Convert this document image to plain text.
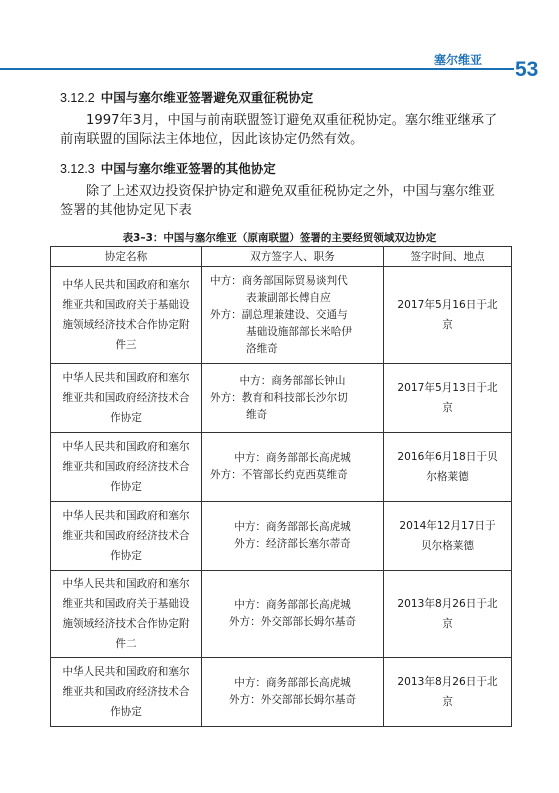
塞尔维亚 53
3.12.2 中国与塞尔维亚签署避免双重征税协定

1997年3月，中国与前南联盟签订避免双重征税协定。塞尔维亚继承了前南联盟的国际法主体地位，因此该协定仍然有效。

3.12.3 中国与塞尔维亚签署的其他协定

除了上述双边投资保护协定和避免双重征税协定之外，中国与塞尔维亚签署的其他协定见下表

表3–3：中国与塞尔维亚（原南联盟）签署的主要经贸领域双边协定
协定名称	双方签字人、职务	签字时间、地点
中华人民共和国政府和塞尔维亚共和国政府关于基础设施领域经济技术合作协定附件三	中方：商务部国际贸易谈判代
表兼副部长傅自应
外方：副总理兼建设、交通与
基础设施部部长米哈伊
洛维奇	2017年5月16日于北京
中华人民共和国政府和塞尔维亚共和国政府经济技术合作协定	中方：商务部部长钟山
外方：教育和科技部长沙尔切
维奇	2017年5月13日于北京
中华人民共和国政府和塞尔维亚共和国政府经济技术合作协定	中方：商务部部长高虎城
外方：不管部长约克西莫维奇	2016年6月18日于贝尔格莱德
中华人民共和国政府和塞尔维亚共和国政府经济技术合作协定	中方：商务部部长高虎城
外方：经济部长塞尔蒂奇	2014年12月17日于贝尔格莱德
中华人民共和国政府和塞尔维亚共和国政府关于基础设施领域经济技术合作协定附件二	中方：商务部部长高虎城
外方：外交部部长姆尔基奇	2013年8月26日于北京
中华人民共和国政府和塞尔维亚共和国政府经济技术合作协定	中方：商务部部长高虎城
外方：外交部部长姆尔基奇	2013年8月26日于北京
